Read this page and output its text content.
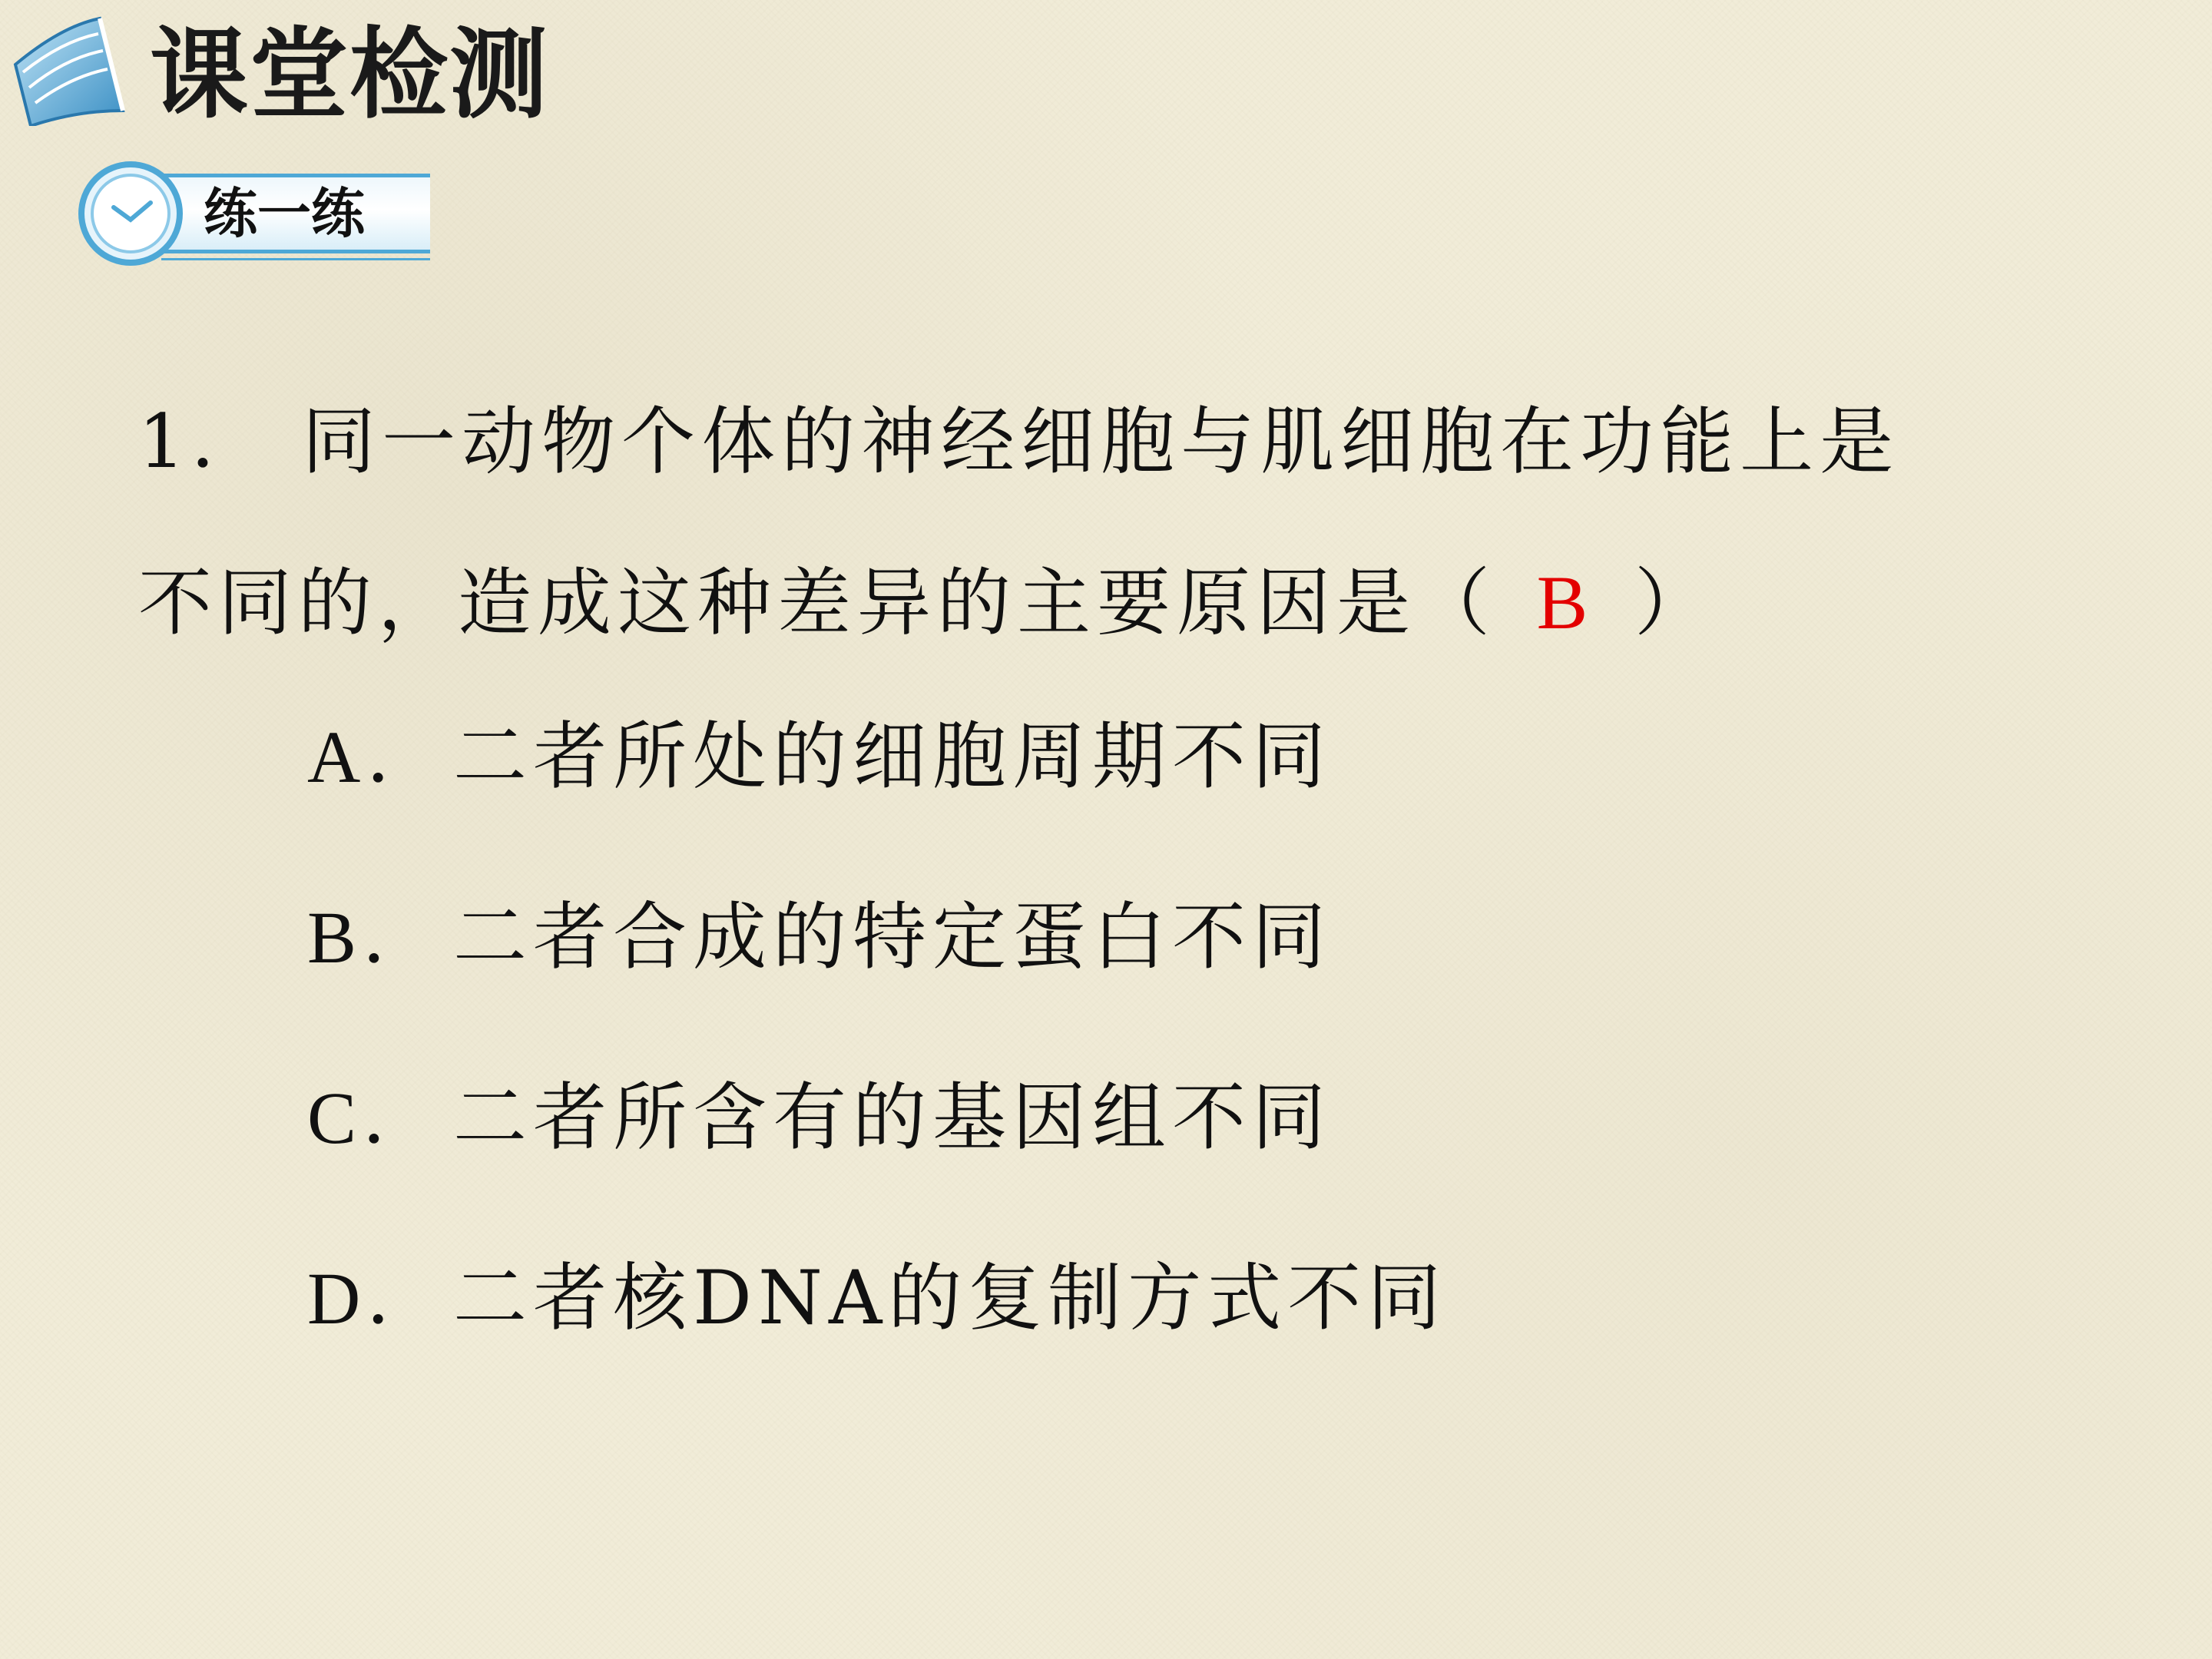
课堂检测
练一练
1． 同一动物个体的神经细胞与肌细胞在功能上是
不同的，造成这种差异的主要原因是（ B ）
A．二者所处的细胞周期不同
B． 二者合成的特定蛋白不同
C． 二者所含有的基因组不同
D．二者核DNA的复制方式不同
